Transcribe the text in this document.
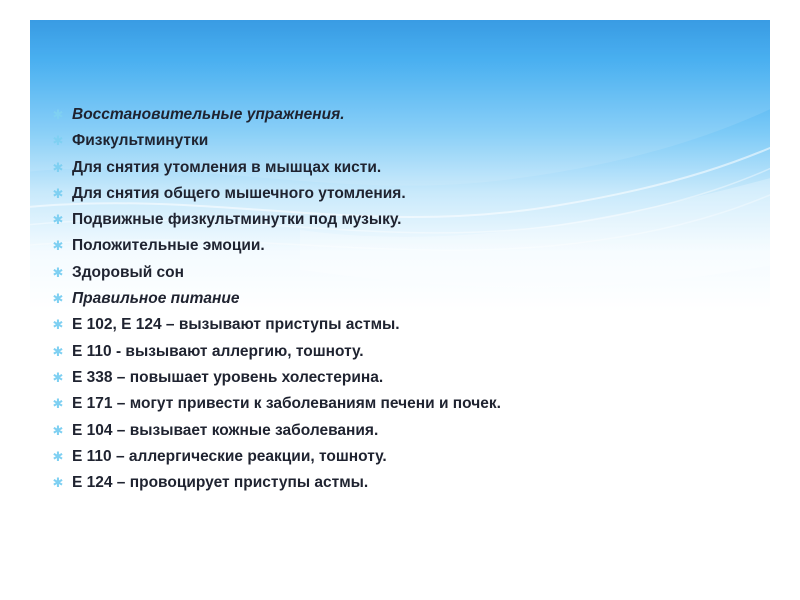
✱ Восстановительные упражнения.
✱ Физкультминутки
✱ Для снятия утомления в мышцах кисти.
✱ Для снятия общего мышечного утомления.
✱ Подвижные физкультминутки под музыку.
✱ Положительные эмоции.
✱ Здоровый сон
✱ Правильное питание
✱ Е 102, Е 124 – вызывают приступы астмы.
✱ Е 110 - вызывают аллергию, тошноту.
✱ Е 338 – повышает уровень холестерина.
✱ Е 171 – могут привести к заболеваниям печени и почек.
✱ Е 104 – вызывает кожные заболевания.
✱ Е 110 – аллергические реакции, тошноту.
✱ Е 124 – провоцирует приступы астмы.
